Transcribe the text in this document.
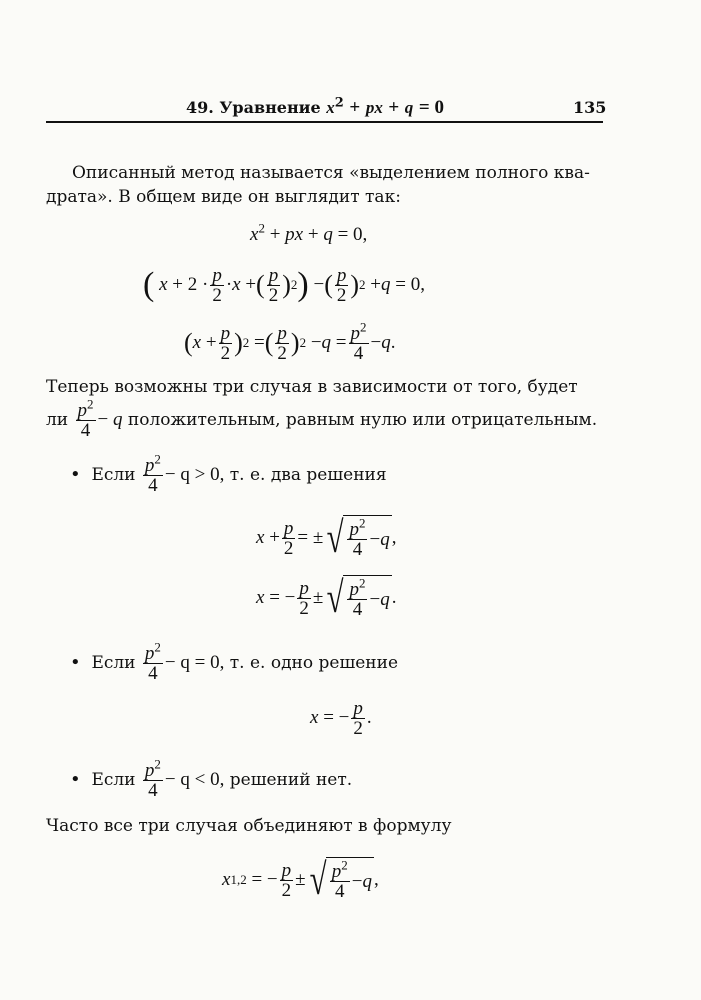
49. Уравнение $x^2$ + px + q = 0	135
Описанный метод называется «выделением полного ква-
драта». В общем виде он выглядит так:
$x^2$ + px + q = 0,
( $x + 2 \cdot \frac{p}{2} \cdot x$ + ( $\frac{p}{2}$ ) 2 ) − ( $\frac{p}{2}$ ) 2 + q = 0,
( $x + \frac{p}{2}$ ) 2 = ( $\frac{p}{2}$ ) $2 - q = \frac{p^2}{4} - q$ .
Теперь возможны три случая в зависимости от того, будет
ли
$\frac{p^2}{4} - q$
положительным, равным нулю или отрицательным.
•
Если
$\frac{p^2}{4} - q > 0$,
т. е. два решения
$x + \frac{p}{2}$ = ± √ $\frac{p^2}{4} - q$ ,
x = − $\frac{p}{2}$ ± √ $\frac{p^2}{4} - q$ .
•
Если
$\frac{p^2}{4} - q = 0$,
т. е. одно решение
x = − $\frac{p}{2}$ .
•
Если
$\frac{p^2}{4} - q < 0$,
решений нет.
Часто все три случая объединяют в формулу
x 1,2 = − $\frac{p}{2}$ ± √ $\frac{p^2}{4} - q$ ,
